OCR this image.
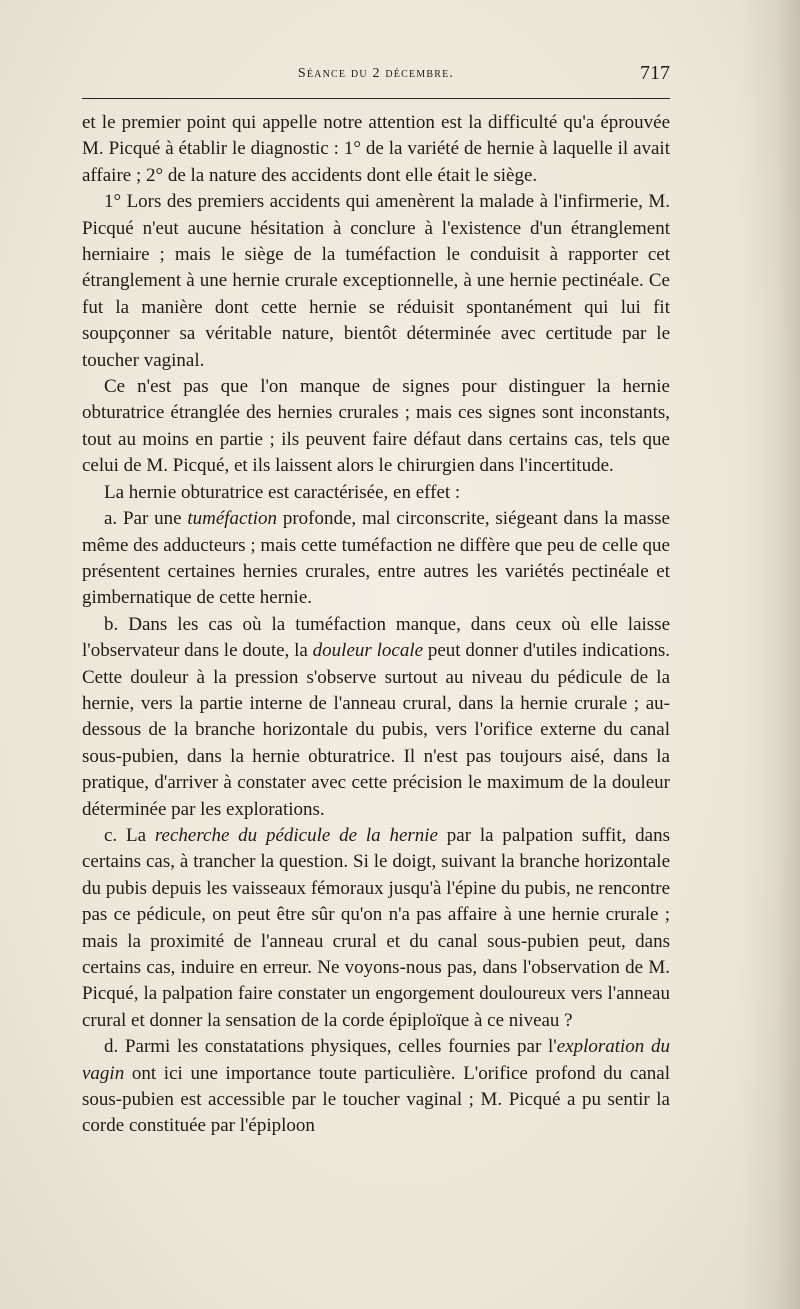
Séance du 2 décembre.	717

et le premier point qui appelle notre attention est la difficulté qu'a éprouvée M. Picqué à établir le diagnostic : 1° de la variété de hernie à laquelle il avait affaire ; 2° de la nature des accidents dont elle était le siège.

1° Lors des premiers accidents qui amenèrent la malade à l'infirmerie, M. Picqué n'eut aucune hésitation à conclure à l'existence d'un étranglement herniaire ; mais le siège de la tuméfaction le conduisit à rapporter cet étranglement à une hernie crurale exceptionnelle, à une hernie pectinéale. Ce fut la manière dont cette hernie se réduisit spontanément qui lui fit soupçonner sa véritable nature, bientôt déterminée avec certitude par le toucher vaginal.

Ce n'est pas que l'on manque de signes pour distinguer la hernie obturatrice étranglée des hernies crurales ; mais ces signes sont inconstants, tout au moins en partie ; ils peuvent faire défaut dans certains cas, tels que celui de M. Picqué, et ils laissent alors le chirurgien dans l'incertitude.

La hernie obturatrice est caractérisée, en effet :

a. Par une tuméfaction profonde, mal circonscrite, siégeant dans la masse même des adducteurs ; mais cette tuméfaction ne diffère que peu de celle que présentent certaines hernies crurales, entre autres les variétés pectinéale et gimbernatique de cette hernie.

b. Dans les cas où la tuméfaction manque, dans ceux où elle laisse l'observateur dans le doute, la douleur locale peut donner d'utiles indications. Cette douleur à la pression s'observe surtout au niveau du pédicule de la hernie, vers la partie interne de l'anneau crural, dans la hernie crurale ; au-dessous de la branche horizontale du pubis, vers l'orifice externe du canal sous-pubien, dans la hernie obturatrice. Il n'est pas toujours aisé, dans la pratique, d'arriver à constater avec cette précision le maximum de la douleur déterminée par les explorations.

c. La recherche du pédicule de la hernie par la palpation suffit, dans certains cas, à trancher la question. Si le doigt, suivant la branche horizontale du pubis depuis les vaisseaux fémoraux jusqu'à l'épine du pubis, ne rencontre pas ce pédicule, on peut être sûr qu'on n'a pas affaire à une hernie crurale ; mais la proximité de l'anneau crural et du canal sous-pubien peut, dans certains cas, induire en erreur. Ne voyons-nous pas, dans l'observation de M. Picqué, la palpation faire constater un engorgement douloureux vers l'anneau crural et donner la sensation de la corde épiploïque à ce niveau ?

d. Parmi les constatations physiques, celles fournies par l'exploration du vagin ont ici une importance toute particulière. L'orifice profond du canal sous-pubien est accessible par le toucher vaginal ; M. Picqué a pu sentir la corde constituée par l'épiploon
